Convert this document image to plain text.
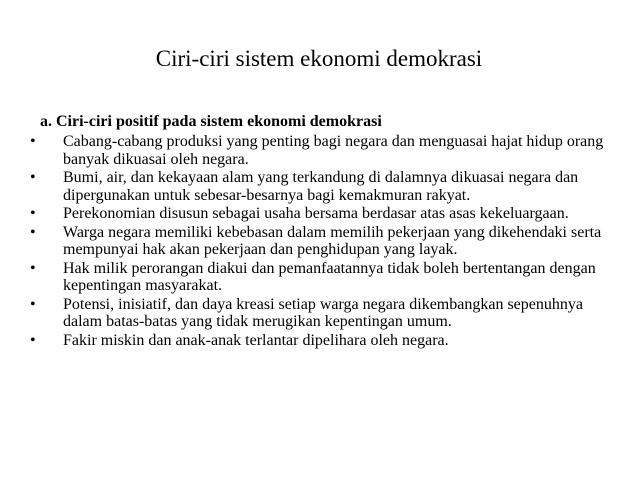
Ciri-ciri sistem ekonomi demokrasi
a. Ciri-ciri positif pada sistem ekonomi demokrasi
•	Cabang-cabang produksi yang penting bagi negara dan menguasai hajat hidup orang banyak dikuasai oleh negara.
•	Bumi, air, dan kekayaan alam yang terkandung di dalamnya dikuasai negara dan dipergunakan untuk sebesar-besarnya bagi kemakmuran rakyat.
•	Perekonomian disusun sebagai usaha bersama berdasar atas asas kekeluargaan.
•	Warga negara memiliki kebebasan dalam memilih pekerjaan yang dikehendaki serta mempunyai hak akan pekerjaan dan penghidupan yang layak.
•	Hak milik perorangan diakui dan pemanfaatannya tidak boleh bertentangan dengan kepentingan masyarakat.
•	Potensi, inisiatif, dan daya kreasi setiap warga negara dikembangkan sepenuhnya dalam batas-batas yang tidak merugikan kepentingan umum.
•	Fakir miskin dan anak-anak terlantar dipelihara oleh negara.
